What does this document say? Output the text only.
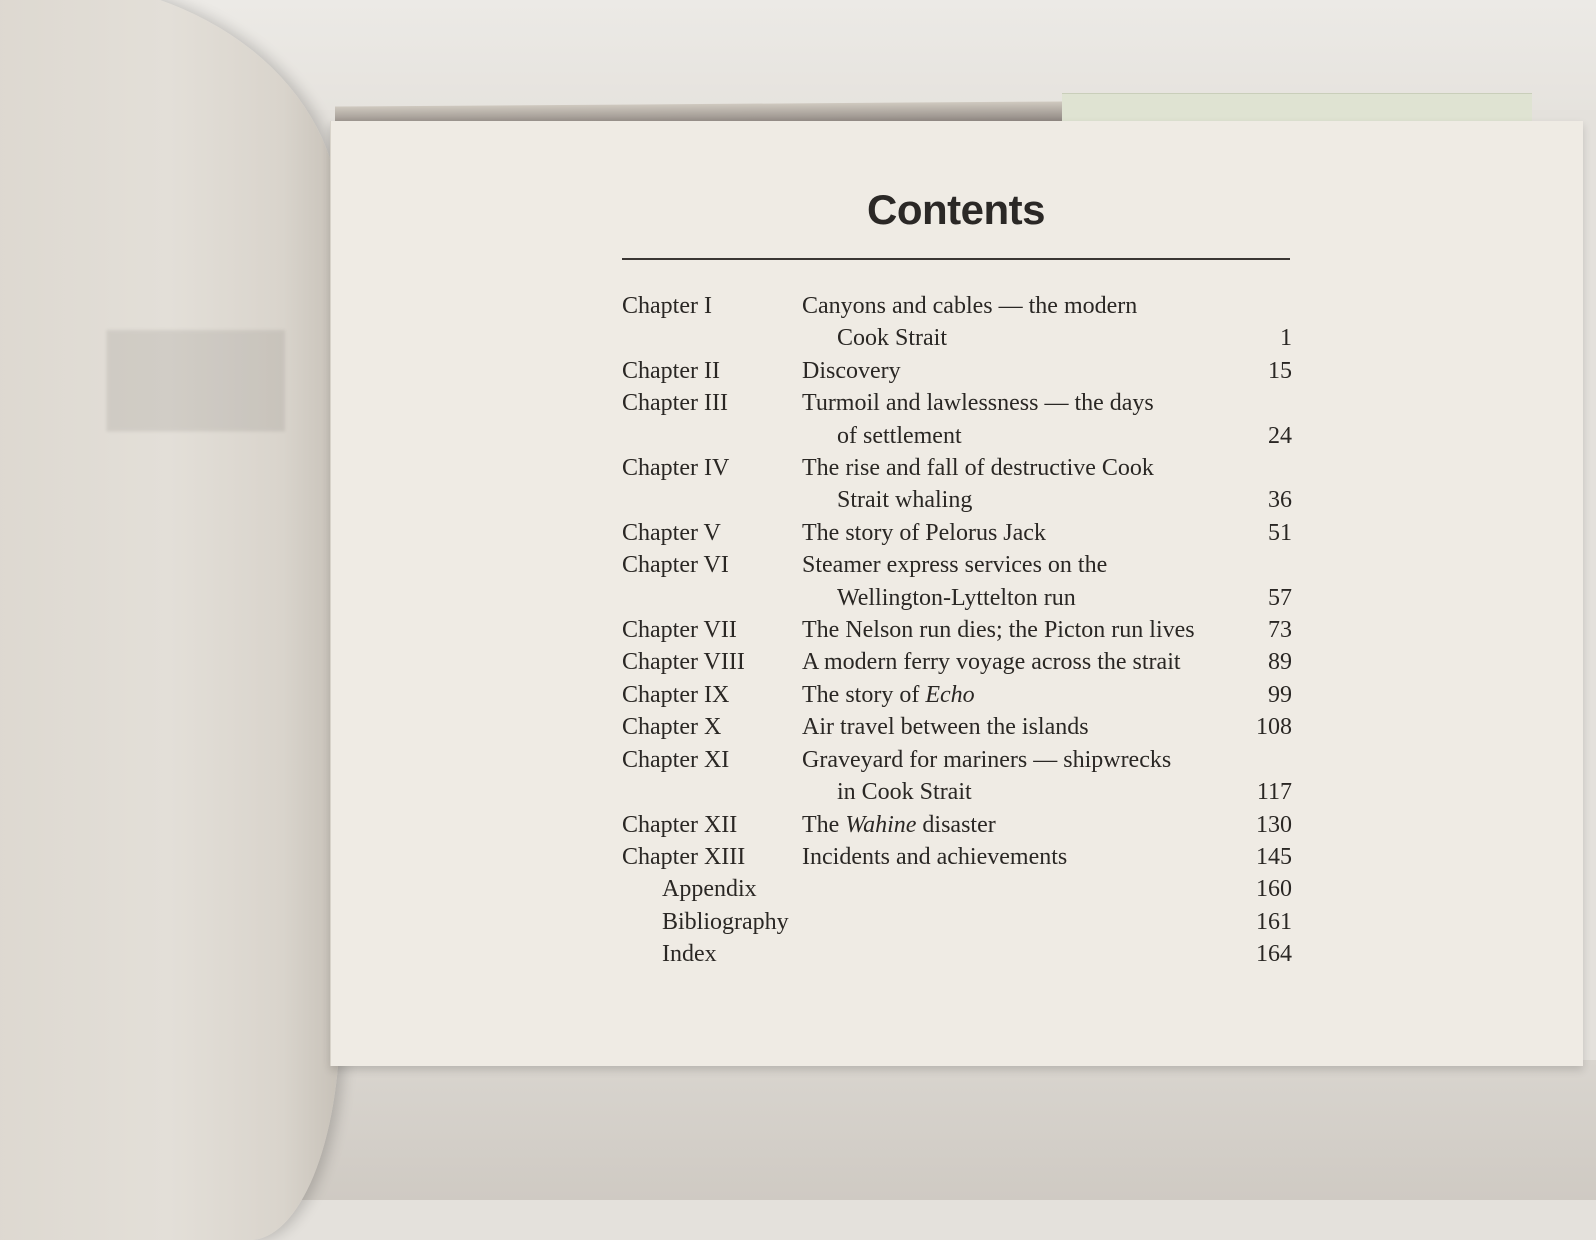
███
Contents
Chapter I	Canyons and cables — the modern
Cook Strait	1
Chapter II	Discovery	15
Chapter III	Turmoil and lawlessness — the days
of settlement	24
Chapter IV	The rise and fall of destructive Cook
Strait whaling	36
Chapter V	The story of Pelorus Jack	51
Chapter VI	Steamer express services on the
Wellington-Lyttelton run	57
Chapter VII	The Nelson run dies; the Picton run lives	73
Chapter VIII	A modern ferry voyage across the strait	89
Chapter IX	The story of Echo	99
Chapter X	Air travel between the islands	108
Chapter XI	Graveyard for mariners — shipwrecks
in Cook Strait	117
Chapter XII	The Wahine disaster	130
Chapter XIII	Incidents and achievements	145
Appendix	160
Bibliography	161
Index	164
